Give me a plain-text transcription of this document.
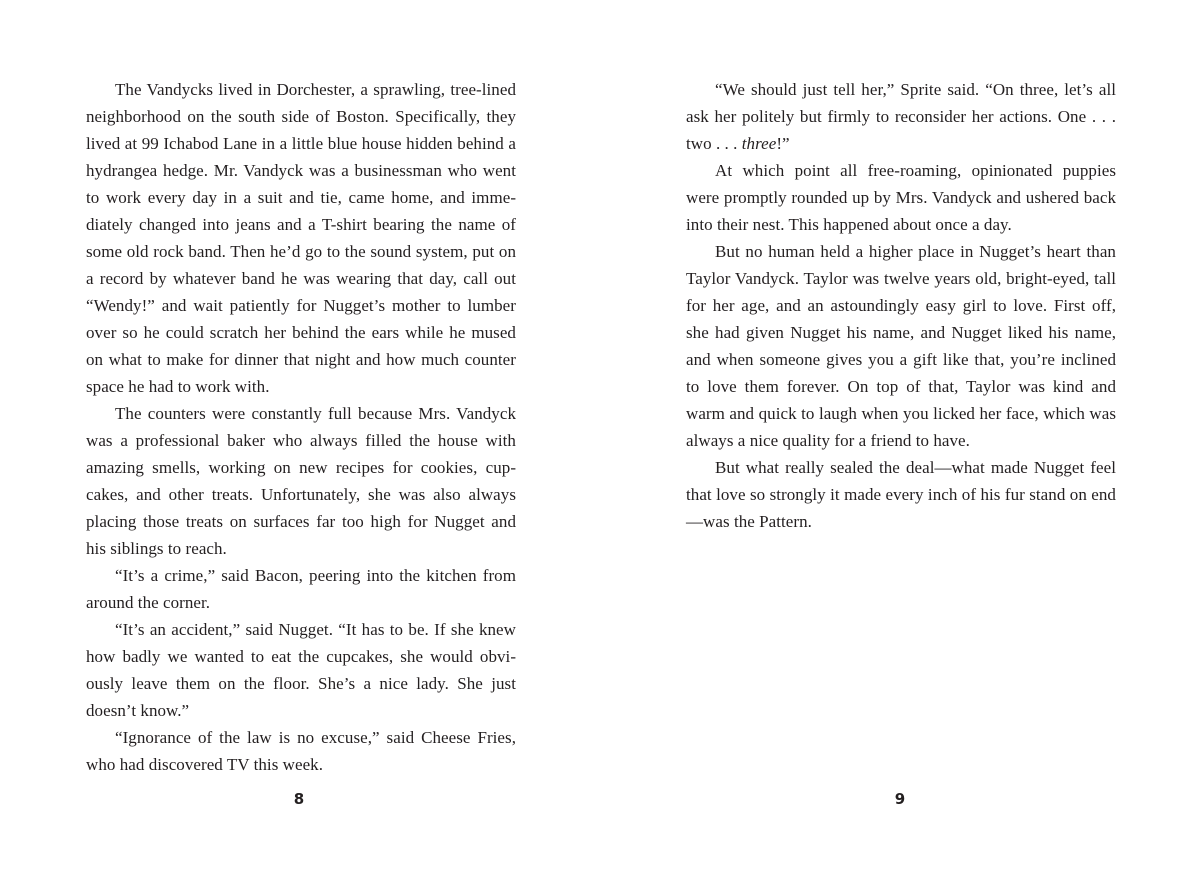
The Vandycks lived in Dorchester, a sprawling, tree-lined neighborhood on the south side of Boston. Specifically, they lived at 99 Ichabod Lane in a little blue house hidden behind a hydrangea hedge. Mr. Vandyck was a businessman who went to work every day in a suit and tie, came home, and immediately changed into jeans and a T-shirt bearing the name of some old rock band. Then he’d go to the sound system, put on a record by whatever band he was wearing that day, call out “Wendy!” and wait patiently for Nugget’s mother to lumber over so he could scratch her behind the ears while he mused on what to make for dinner that night and how much counter space he had to work with.

The counters were constantly full because Mrs. Vandyck was a professional baker who always filled the house with amazing smells, working on new recipes for cookies, cupcakes, and other treats. Unfortunately, she was also always placing those treats on surfaces far too high for Nugget and his siblings to reach.

“It’s a crime,” said Bacon, peering into the kitchen from around the corner.

“It’s an accident,” said Nugget. “It has to be. If she knew how badly we wanted to eat the cupcakes, she would obviously leave them on the floor. She’s a nice lady. She just doesn’t know.”

“Ignorance of the law is no excuse,” said Cheese Fries, who had discovered TV this week.

8

“We should just tell her,” Sprite said. “On three, let’s all ask her politely but firmly to reconsider her actions. One . . . two . . . three!”

At which point all free-roaming, opinionated puppies were promptly rounded up by Mrs. Vandyck and ushered back into their nest. This happened about once a day.

But no human held a higher place in Nugget’s heart than Taylor Vandyck. Taylor was twelve years old, bright-eyed, tall for her age, and an astoundingly easy girl to love. First off, she had given Nugget his name, and Nugget liked his name, and when someone gives you a gift like that, you’re inclined to love them forever. On top of that, Taylor was kind and warm and quick to laugh when you licked her face, which was always a nice quality for a friend to have.

But what really sealed the deal—what made Nugget feel that love so strongly it made every inch of his fur stand on end—was the Pattern.

9
